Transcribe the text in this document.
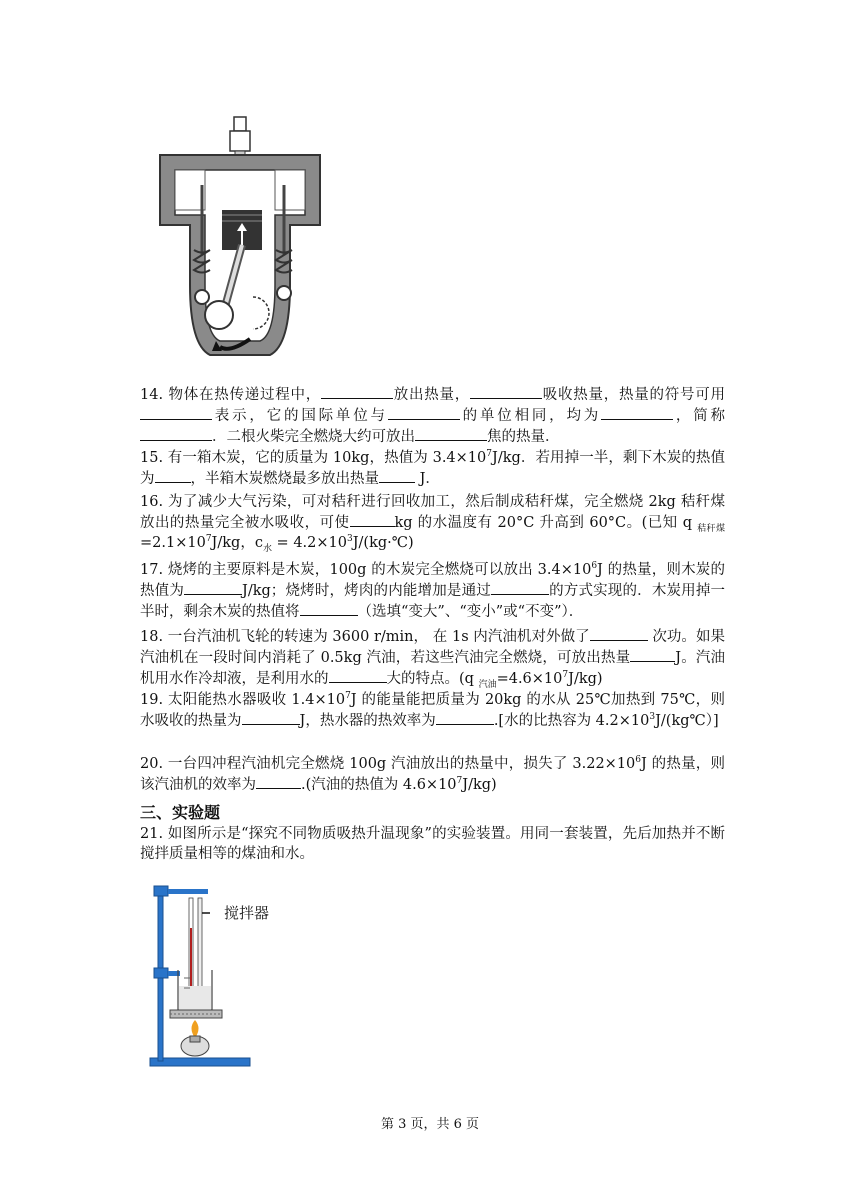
14. 物体在热传递过程中，	放出热量，	吸收热量，热量的符号可用表示，它的国际单位与	的单位相同，均为	，简称．二根火柴完全燃烧大约可放出	焦的热量．

15. 有一箱木炭，它的质量为 10kg，热值为 $3.4\times 10^7J/kg$．若用掉一半，剩下木炭的热值为 ，半箱木炭燃烧最多放出热量 J．

16. 为了减少大气污染，可对秸秆进行回收加工，然后制成秸秆煤，完全燃烧 2kg 秸秆煤放出的热量完全被水吸收，可使	kg 的水温度有 20°C 升高到 60°C。(已知 q $_{秸秆煤}=2.1\times 10^7J/kg$，$c_水$ = $4.2\times 10^3J/(kg\cdot℃)$

17. 烧烤的主要原料是木炭，100g 的木炭完全燃烧可以放出 $3.4\times 10^6J$ 的热量，则木炭的热值为	J/kg；烧烤时，烤肉的内能增加是通过	的方式实现的．木炭用掉一半时，剩余木炭的热值将	（选填“变大”、“变小”或“不变”）．

18. 一台汽油机飞轮的转速为 3600 r/min， 在 1s 内汽油机对外做了	次功。如果汽油机在一段时间内消耗了 0.5kg 汽油，若这些汽油完全燃烧，可放出热量	J。汽油机用水作冷却液，是利用水的	大的特点。(q $_{汽油}=4.6\times 10^7J/kg$)

19. 太阳能热水器吸收 $1.4\times 10^7J$ 的能量能把质量为 20kg 的水从 25℃加热到 75℃，则水吸收的热量为	J，热水器的热效率为	.[水的比热容为 $4.2\times 10^3J/(kg℃)$]

20. 一台四冲程汽油机完全燃烧 100g 汽油放出的热量中，损失了 $3.22\times 10^6J$ 的热量，则该汽油机的效率为	.(汽油的热值为 $4.6\times 10^7J/kg$)

三、实验题

21. 如图所示是“探究不同物质吸热升温现象”的实验装置。用同一套装置，先后加热并不断搅拌质量相等的煤油和水。

搅拌器
第 3 页，共 6 页
